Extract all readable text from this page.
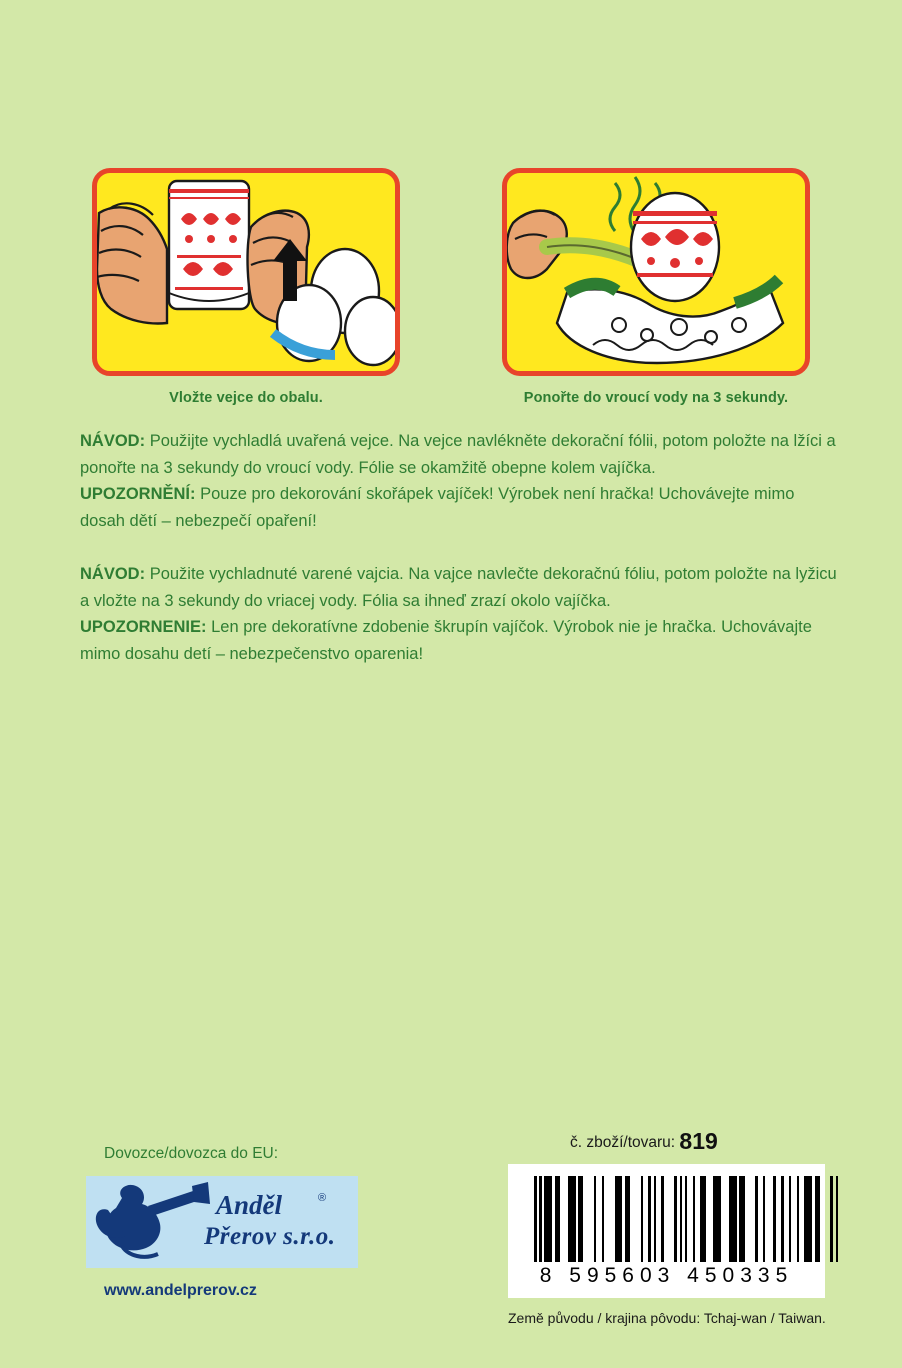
Vložte vejce do obalu.	Ponořte do vroucí vody na 3 sekundy.

NÁVOD: Použijte vychladlá uvařená vejce. Na vejce navlékněte dekorační fólii, potom položte na lžíci a ponořte na 3 sekundy do vroucí vody. Fólie se okamžitě obepne kolem vajíčka.

UPOZORNĚNÍ: Pouze pro dekorování skořápek vajíček! Výrobek není hračka! Uchovávejte mimo dosah dětí – nebezpečí opaření!

NÁVOD: Použite vychladnuté varené vajcia. Na vajce navlečte dekoračnú fóliu, potom položte na lyžicu a vložte na 3 sekundy do vriacej vody. Fólia sa ihneď zrazí okolo vajíčka.

UPOZORNENIE: Len pre dekoratívne zdobenie škrupín vajíčok. Výrobok nie je hračka. Uchovávajte mimo dosahu detí – nebezpečenstvo oparenia!

Dovozce/dovozca do EU:
Anděl	®
Přerov s.r.o.
www.andelprerov.cz
č. zboží/tovaru: 819
8 595603 450335
Země původu / krajina pôvodu: Tchaj-wan / Taiwan.
